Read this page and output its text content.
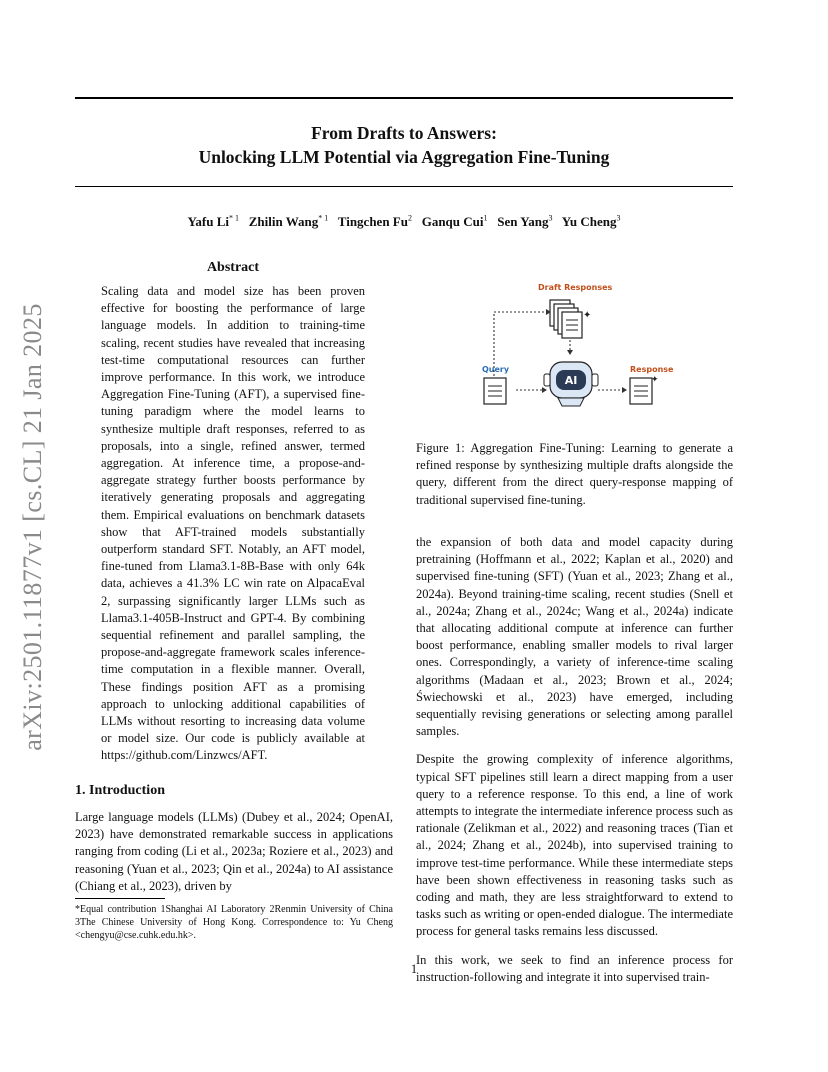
From Drafts to Answers:
Unlocking LLM Potential via Aggregation Fine-Tuning
Yafu Li$^{* 1}$ Zhilin Wang$^{* 1}$ Tingchen Fu$^2$ Ganqu Cui$^1$ Sen Yang$^3$ Yu Cheng$^3$
arXiv:2501.11877v1 [cs.CL] 21 Jan 2025
Abstract

Scaling data and model size has been proven effective for boosting the performance of large language models. In addition to training-time scaling, recent studies have revealed that increasing test-time computational resources can further improve performance. In this work, we introduce Aggregation Fine-Tuning (AFT), a supervised fine-tuning paradigm where the model learns to synthesize multiple draft responses, referred to as proposals, into a single, refined answer, termed aggregation. At inference time, a propose-and-aggregate strategy further boosts performance by iteratively generating proposals and aggregating them. Empirical evaluations on benchmark datasets show that AFT-trained models substantially outperform standard SFT. Notably, an AFT model, fine-tuned from Llama3.1-8B-Base with only 64k data, achieves a 41.3% LC win rate on AlpacaEval 2, surpassing significantly larger LLMs such as Llama3.1-405B-Instruct and GPT-4. By combining sequential refinement and parallel sampling, the propose-and-aggregate framework scales inference-time computation in a flexible manner. Overall, These findings position AFT as a promising approach to unlocking additional capabilities of LLMs without resorting to increasing data volume or model size. Our code is publicly available at https://github.com/Linzwcs/AFT.

1. Introduction

Large language models (LLMs) (Dubey et al., 2024; OpenAI, 2023) have demonstrated remarkable success in applications ranging from coding (Li et al., 2023a; Roziere et al., 2023) and reasoning (Yuan et al., 2023; Qin et al., 2024a) to AI assistance (Chiang et al., 2023), driven by

*Equal contribution 1Shanghai AI Laboratory 2Renmin University of China 3The Chinese University of Hong Kong. Correspondence to: Yu Cheng <chengyu@cse.cuhk.edu.hk>.
Draft Responses
Query	Response
✦
AI	✦
Figure 1: Aggregation Fine-Tuning: Learning to generate a refined response by synthesizing multiple drafts alongside the query, different from the direct query-response mapping of traditional supervised fine-tuning.

the expansion of both data and model capacity during pretraining (Hoffmann et al., 2022; Kaplan et al., 2020) and supervised fine-tuning (SFT) (Yuan et al., 2023; Zhang et al., 2024a). Beyond training-time scaling, recent studies (Snell et al., 2024a; Zhang et al., 2024c; Wang et al., 2024a) indicate that allocating additional compute at inference can further boost performance, enabling smaller models to rival larger ones. Correspondingly, a variety of inference-time scaling algorithms (Madaan et al., 2023; Brown et al., 2024; Świechowski et al., 2023) have emerged, including sequentially revising generations or selecting among parallel samples.

Despite the growing complexity of inference algorithms, typical SFT pipelines still learn a direct mapping from a user query to a reference response. To this end, a line of work attempts to integrate the intermediate inference process such as rationale (Zelikman et al., 2022) and reasoning traces (Tian et al., 2024; Zhang et al., 2024b), into supervised training to improve test-time performance. While these intermediate steps have been shown effectiveness in reasoning tasks such as coding and math, they are less straightforward to extend to tasks such as writing or open-ended dialogue. The intermediate process for general tasks remains less discussed.

In this work, we seek to find an inference process for instruction-following and integrate it into supervised train-

1
